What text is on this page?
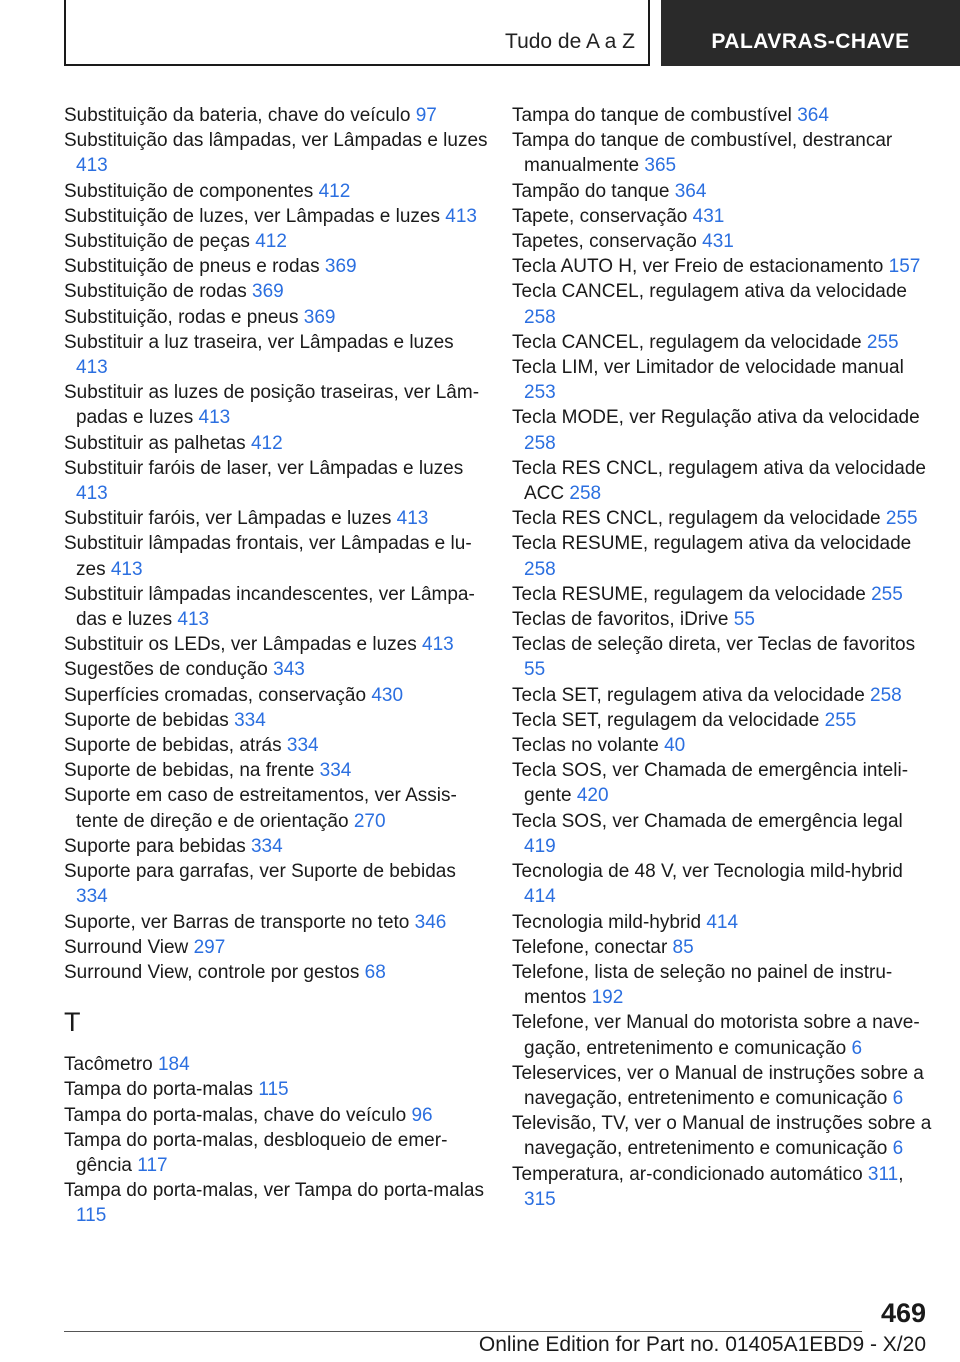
Tudo de A a Z	PALAVRAS-CHAVE
Substituição da bateria, chave do veículo 97
Substituição das lâmpadas, ver Lâmpadas e luzes 413
Substituição de componentes 412
Substituição de luzes, ver Lâmpadas e luzes 413
Substituição de peças 412
Substituição de pneus e rodas 369
Substituição de rodas 369
Substituição, rodas e pneus 369
Substituir a luz traseira, ver Lâmpadas e luzes 413
Substituir as luzes de posição traseiras, ver Lâmpadas e luzes 413
Substituir as palhetas 412
Substituir faróis de laser, ver Lâmpadas e luzes 413
Substituir faróis, ver Lâmpadas e luzes 413
Substituir lâmpadas frontais, ver Lâmpadas e luzes 413
Substituir lâmpadas incandescentes, ver Lâmpadas e luzes 413
Substituir os LEDs, ver Lâmpadas e luzes 413
Sugestões de condução 343
Superfícies cromadas, conservação 430
Suporte de bebidas 334
Suporte de bebidas, atrás 334
Suporte de bebidas, na frente 334
Suporte em caso de estreitamentos, ver Assistente de direção e de orientação 270
Suporte para bebidas 334
Suporte para garrafas, ver Suporte de bebidas 334
Suporte, ver Barras de transporte no teto 346
Surround View 297
Surround View, controle por gestos 68
T
Tacômetro 184
Tampa do porta-malas 115
Tampa do porta-malas, chave do veículo 96
Tampa do porta-malas, desbloqueio de emergência 117
Tampa do porta-malas, ver Tampa do porta-malas 115
Tampa do tanque de combustível 364
Tampa do tanque de combustível, destrancar manualmente 365
Tampão do tanque 364
Tapete, conservação 431
Tapetes, conservação 431
Tecla AUTO H, ver Freio de estacionamento 157
Tecla CANCEL, regulagem ativa da velocidade 258
Tecla CANCEL, regulagem da velocidade 255
Tecla LIM, ver Limitador de velocidade manual 253
Tecla MODE, ver Regulação ativa da velocidade 258
Tecla RES CNCL, regulagem ativa da velocidade ACC 258
Tecla RES CNCL, regulagem da velocidade 255
Tecla RESUME, regulagem ativa da velocidade 258
Tecla RESUME, regulagem da velocidade 255
Teclas de favoritos, iDrive 55
Teclas de seleção direta, ver Teclas de favoritos 55
Tecla SET, regulagem ativa da velocidade 258
Tecla SET, regulagem da velocidade 255
Teclas no volante 40
Tecla SOS, ver Chamada de emergência inteligente 420
Tecla SOS, ver Chamada de emergência legal 419
Tecnologia de 48 V, ver Tecnologia mild-hybrid 414
Tecnologia mild-hybrid 414
Telefone, conectar 85
Telefone, lista de seleção no painel de instrumentos 192
Telefone, ver Manual do motorista sobre a navegação, entretenimento e comunicação 6
Teleservices, ver o Manual de instruções sobre a navegação, entretenimento e comunicação 6
Televisão, TV, ver o Manual de instruções sobre a navegação, entretenimento e comunicação 6
Temperatura, ar-condicionado automático 311, 315
469
Online Edition for Part no. 01405A1EBD9 - X/20
